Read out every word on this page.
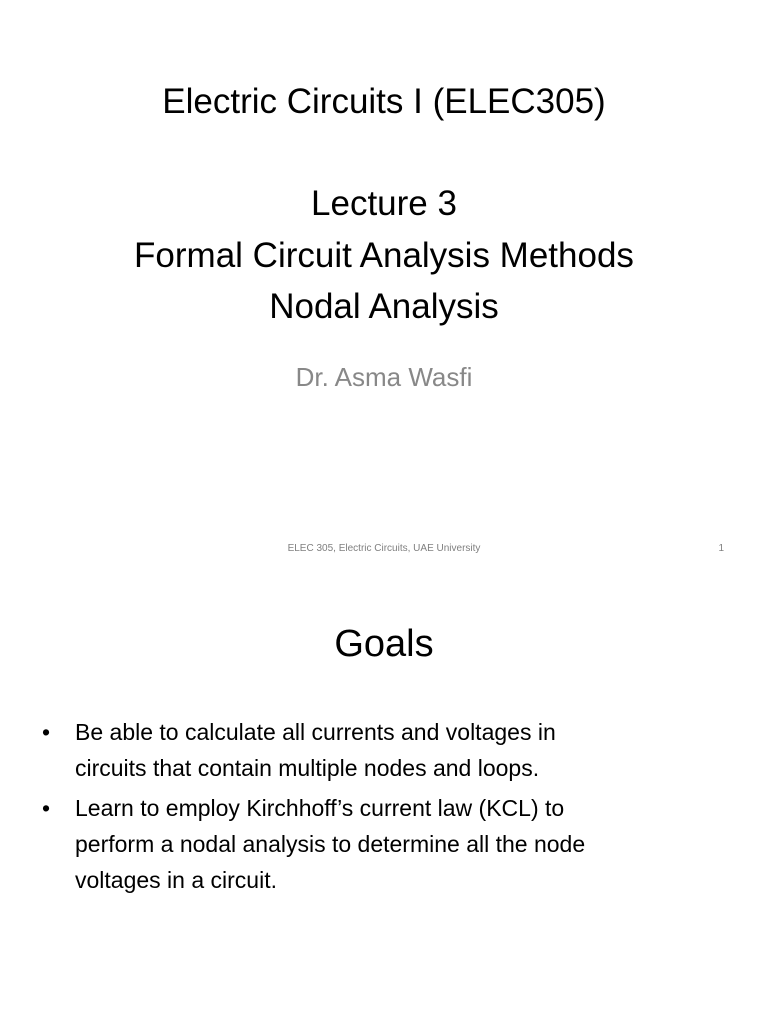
Electric Circuits I (ELEC305)
Lecture 3
Formal Circuit Analysis Methods
Nodal Analysis
Dr. Asma Wasfi
ELEC 305, Electric Circuits, UAE University	1
Goals
• Be able to calculate all currents and voltages in
circuits that contain multiple nodes and loops.
• Learn to employ Kirchhoff’s current law (KCL) to
perform a nodal analysis to determine all the node
voltages in a circuit.
